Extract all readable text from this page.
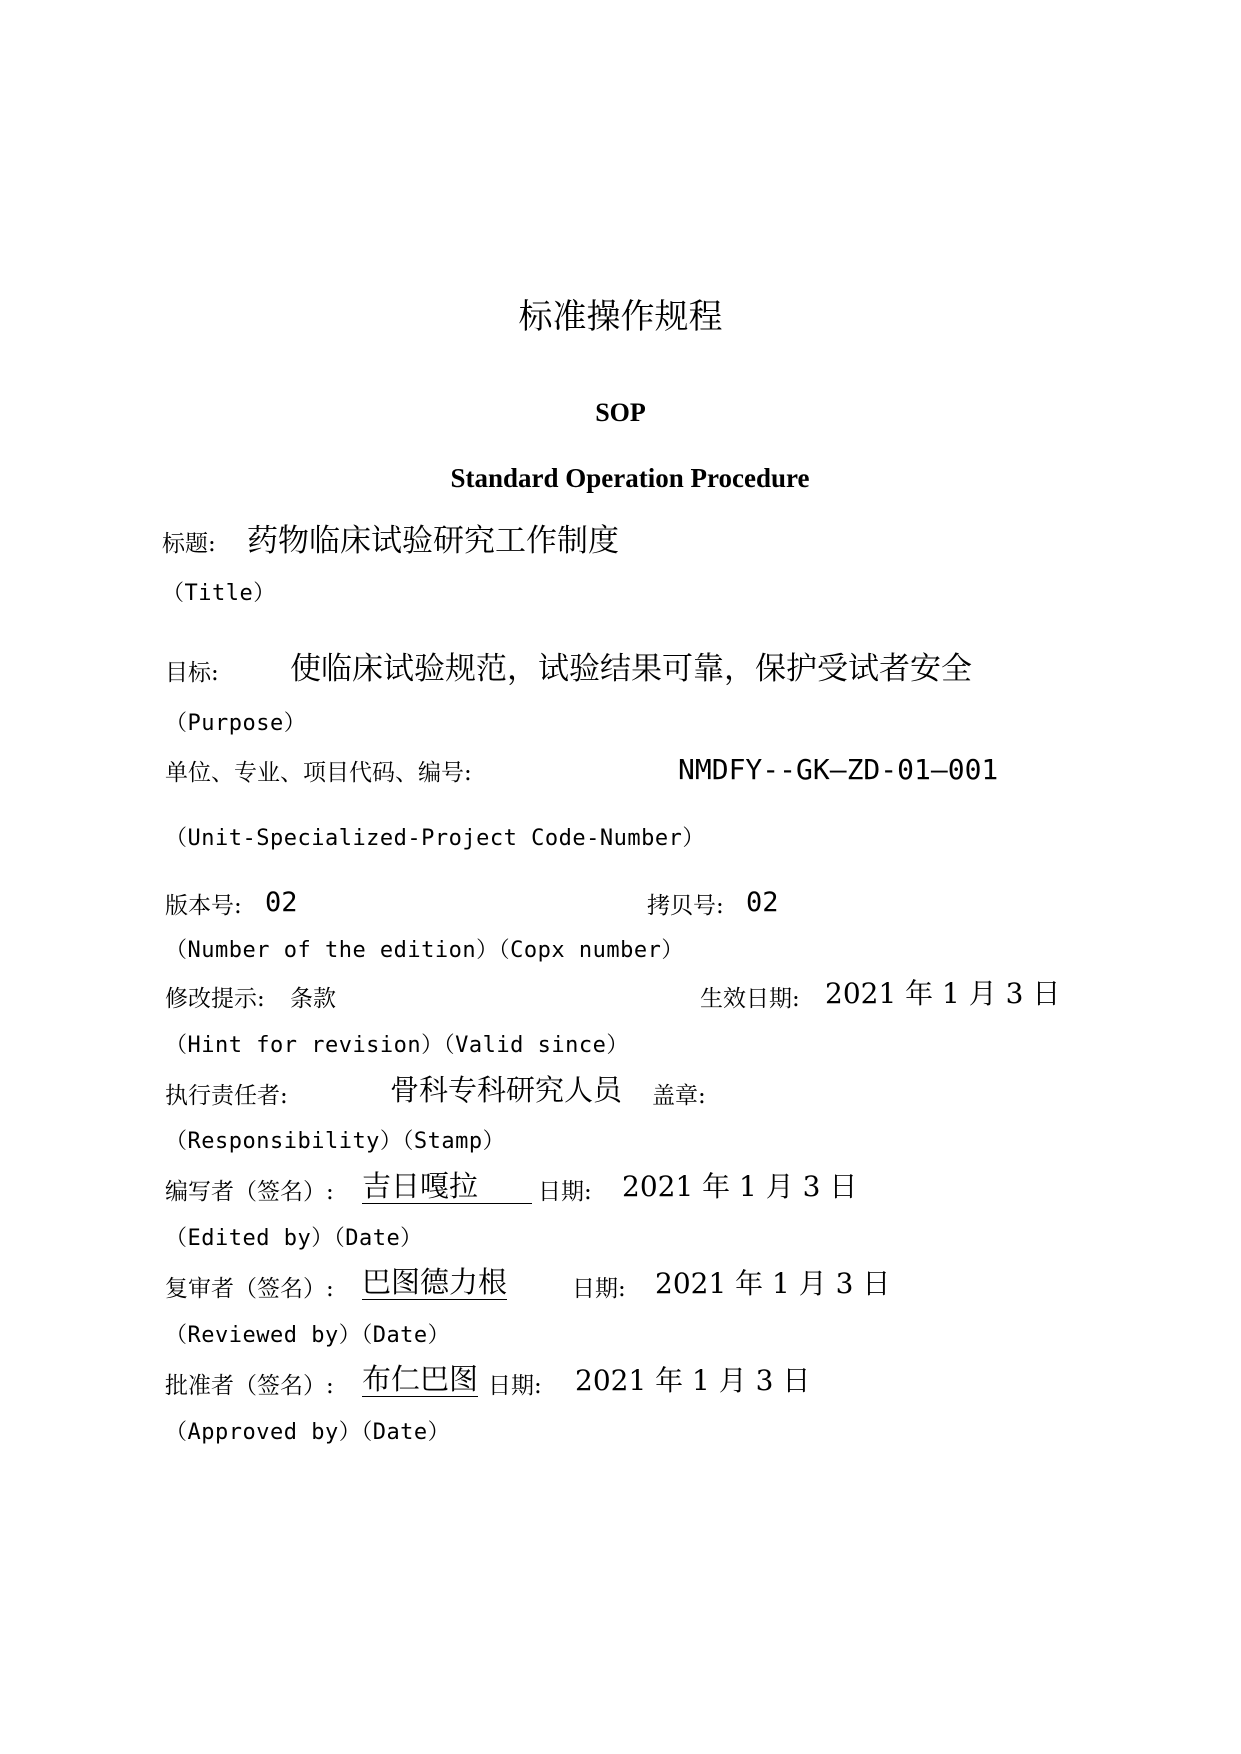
标准操作规程
SOP
Standard Operation Procedure
标题: 药物临床试验研究工作制度
（Title）
目标: 使临床试验规范，试验结果可靠，保护受试者安全
（Purpose）
单位、专业、项目代码、编号:	NMDFY--GK—ZD-01—001
（Unit-Specialized-Project Code-Number）
版本号: 02	拷贝号: 02
（Number of the edition）（Copx number）
修改提示: 条款	生效日期: 2021 年 1 月 3 日
（Hint for revision）（Valid since）
执行责任者:	骨科专科研究人员 盖章:
（Responsibility）（Stamp）
编写者（签名）: 吉日嘎拉	日期: 2021 年 1 月 3 日
（Edited by）（Date）
复审者（签名）: 巴图德力根	日期: 2021 年 1 月 3 日
（Reviewed by）（Date）
批准者（签名）: 布仁巴图 日期: 2021 年 1 月 3 日
（Approved by）（Date）
